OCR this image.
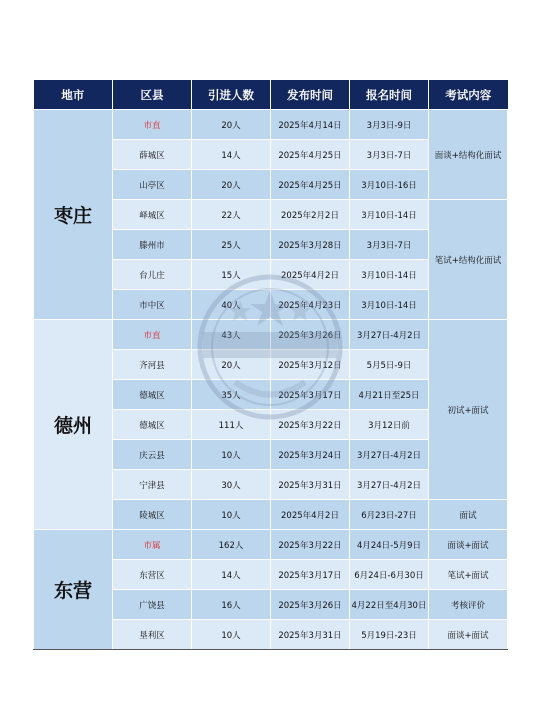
地市	区县	引进人数	发布时间	报名时间	考试内容
枣庄	市直	20人	2025年4月14日	3月3日-9日	面谈+结构化面试
	薛城区	14人	2025年4月25日	3月3日-7日	
	山亭区	20人	2025年4月25日	3月10日-16日	
	峄城区	22人	2025年2月2日	3月10日-14日	笔试+结构化面试
	滕州市	25人	2025年3月28日	3月3日-7日	
	台儿庄	15人	2025年4月2日	3月10日-14日	
	市中区	40人	2025年4月23日	3月10日-14日	
德州	市直	43人	2025年3月26日	3月27日-4月2日	初试+面试
	齐河县	20人	2025年3月12日	5月5日-9日	
	德城区	35人	2025年3月17日	4月21日至25日	
	德城区	111人	2025年3月22日	3月12日前	
	庆云县	10人	2025年3月24日	3月27日-4月2日	
	宁津县	30人	2025年3月31日	3月27日-4月2日	
	陵城区	10人	2025年4月2日	6月23日-27日	面试
东营	市属	162人	2025年3月22日	4月24日-5月9日	面谈+面试
	东营区	14人	2025年3月17日	6月24日-6月30日	笔试+面试
	广饶县	16人	2025年3月26日	4月22日至4月30日	考核评价
	垦利区	10人	2025年3月31日	5月19日-23日	面谈+面试
